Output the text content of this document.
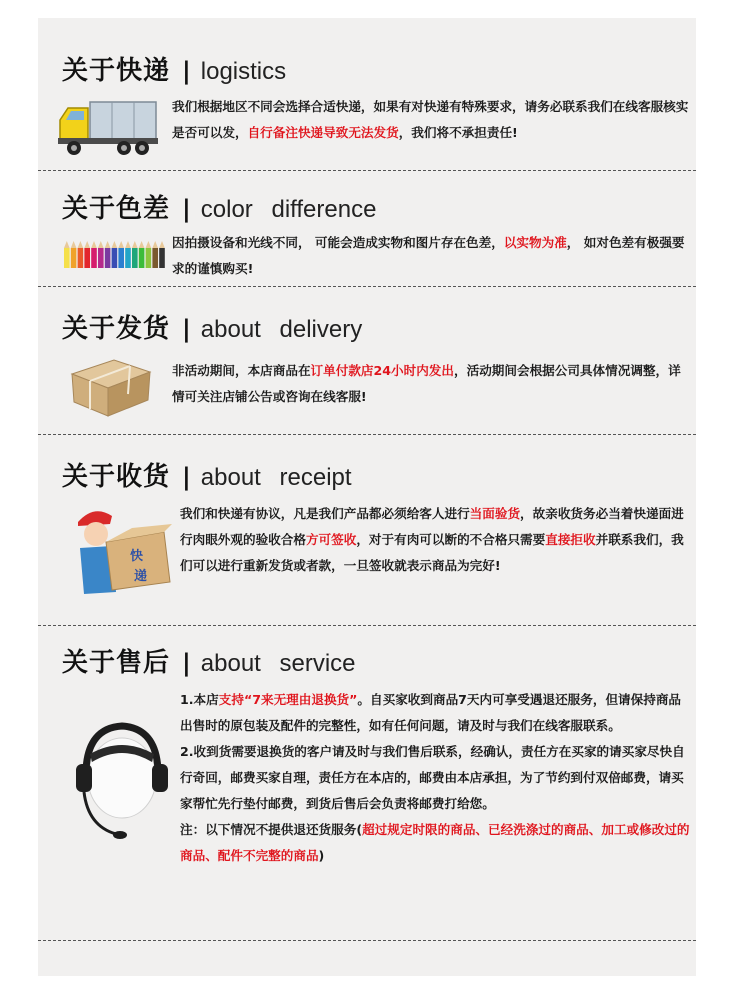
关于快递 | logistics
我们根据地区不同会选择合适快递，如果有对快递有特殊要求，请务必联系我们在线客服核实是否可以发，自行备注快递导致无法发货，我们将不承担责任!
关于色差 | color difference
因拍摄设备和光线不同， 可能会造成实物和图片存在色差，以实物为准， 如对色差有极强要求的谨慎购买!
关于发货 | about delivery
非活动期间，本店商品在订单付款店24小时内发出，活动期间会根据公司具体情况调整，详情可关注店铺公告或咨询在线客服!
关于收货 | about receipt
快
递
我们和快递有协议，凡是我们产品都必须给客人进行当面验货，故亲收货务必当着快递面进行肉眼外观的验收合格方可签收，对于有肉可以断的不合格只需要直接拒收并联系我们，我们可以进行重新发货或者款，一旦签收就表示商品为完好!
关于售后 | about service
1.本店支持“7来无理由退换货”。自买家收到商品7天内可享受遇退还服务，但请保持商品出售时的原包装及配件的完整性，如有任何问题，请及时与我们在线客服联系。
2.收到货需要退换货的客户请及时与我们售后联系，经确认，责任方在买家的请买家尽快自行奇回，邮费买家自理，责任方在本店的，邮费由本店承担，为了节约到付双倍邮费，请买家帮忙先行垫付邮费，到货后售后会负责将邮费打给您。
注：以下情况不提供退还货服务(超过规定时限的商品、已经洗涤过的商品、加工或修改过的商品、配件不完整的商品)
